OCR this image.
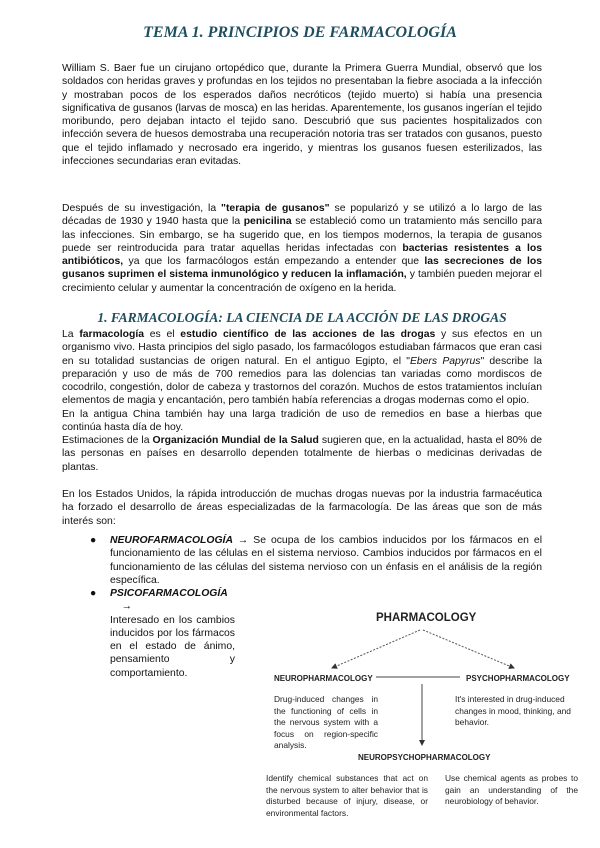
TEMA 1. PRINCIPIOS DE FARMACOLOGÍA

William S. Baer fue un cirujano ortopédico que, durante la Primera Guerra Mundial, observó que los soldados con heridas graves y profundas en los tejidos no presentaban la fiebre asociada a la infección y mostraban pocos de los esperados daños necróticos (tejido muerto) si había una presencia significativa de gusanos (larvas de mosca) en las heridas. Aparentemente, los gusanos ingerían el tejido moribundo, pero dejaban intacto el tejido sano. Descubrió que sus pacientes hospitalizados con infección severa de huesos demostraba una recuperación notoria tras ser tratados con gusanos, puesto que el tejido inflamado y necrosado era ingerido, y mientras los gusanos fuesen esterilizados, las infecciones secundarias eran evitadas.

Después de su investigación, la "terapia de gusanos" se popularizó y se utilizó a lo largo de las décadas de 1930 y 1940 hasta que la penicilina se estableció como un tratamiento más sencillo para las infecciones. Sin embargo, se ha sugerido que, en los tiempos modernos, la terapia de gusanos puede ser reintroducida para tratar aquellas heridas infectadas con bacterias resistentes a los antibióticos, ya que los farmacólogos están empezando a entender que las secreciones de los gusanos suprimen el sistema inmunológico y reducen la inflamación, y también pueden mejorar el crecimiento celular y aumentar la concentración de oxígeno en la herida.

1. FARMACOLOGÍA: LA CIENCIA DE LA ACCIÓN DE LAS DROGAS

La farmacología es el estudio científico de las acciones de las drogas y sus efectos en un organismo vivo. Hasta principios del siglo pasado, los farmacólogos estudiaban fármacos que eran casi en su totalidad sustancias de origen natural. En el antiguo Egipto, el "Ebers Papyrus" describe la preparación y uso de más de 700 remedios para las dolencias tan variadas como mordiscos de cocodrilo, congestión, dolor de cabeza y trastornos del corazón. Muchos de estos tratamientos incluían elementos de magia y encantación, pero también había referencias a drogas modernas como el opio.

En la antigua China también hay una larga tradición de uso de remedios en base a hierbas que continúa hasta día de hoy.

Estimaciones de la Organización Mundial de la Salud sugieren que, en la actualidad, hasta el 80% de las personas en países en desarrollo dependen totalmente de hierbas o medicinas derivadas de plantas.

En los Estados Unidos, la rápida introducción de muchas drogas nuevas por la industria farmacéutica ha forzado el desarrollo de áreas especializadas de la farmacología. De las áreas que son de más interés son:

● NEUROFARMACOLOGÍA → Se ocupa de los cambios inducidos por los fármacos en el funcionamiento de las células en el sistema nervioso. Cambios inducidos por fármacos en el funcionamiento de las células del sistema nervioso con un énfasis en el análisis de la región específica.
● PSICOFARMACOLOGÍA     →
Interesado en los cambios inducidos por los fármacos en el estado de ánimo, pensamiento y comportamiento.
PHARMACOLOGY
NEUROPHARMACOLOGY	PSYCHOPHARMACOLOGY
Drug-induced changes in the functioning of cells in the nervous system with a focus on region-specific analysis.
It's interested in drug-induced changes in mood, thinking, and behavior.
NEUROPSYCHOPHARMACOLOGY
Identify chemical substances that act on the nervous system to alter behavior that is disturbed because of injury, disease, or environmental factors.
Use chemical agents as probes to gain an understanding of the neurobiology of behavior.
